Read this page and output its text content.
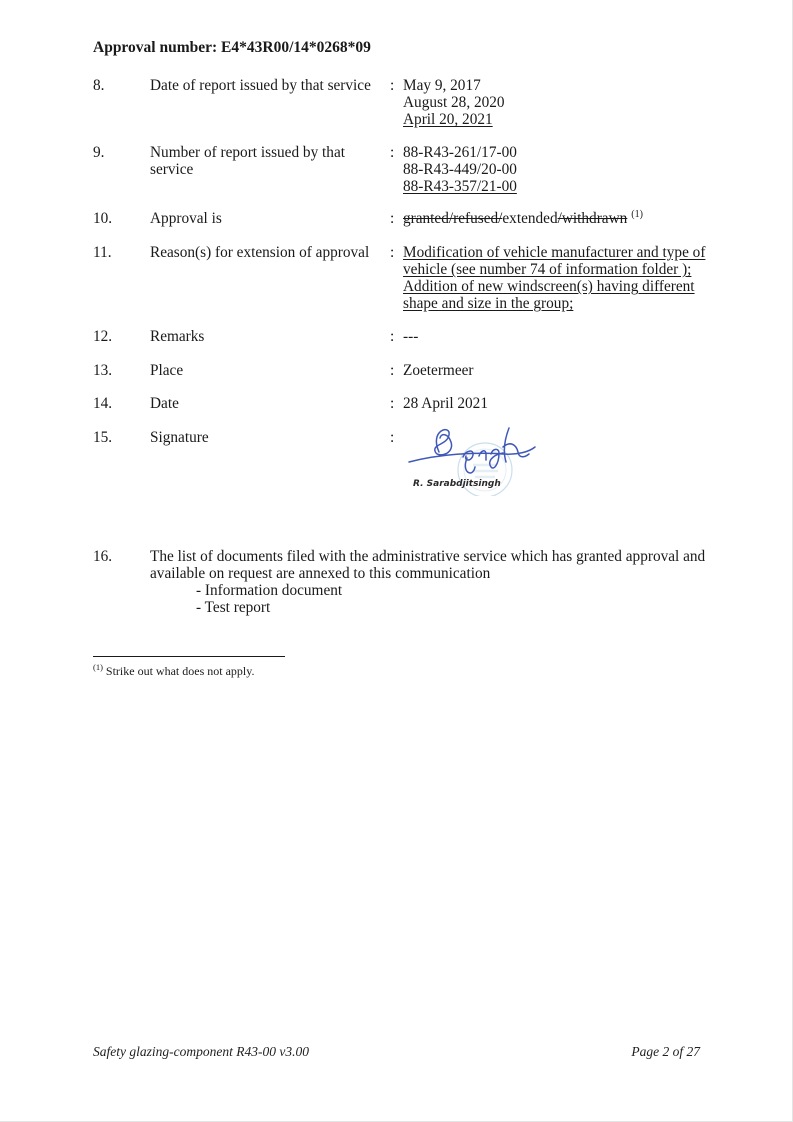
Approval number: E4*43R00/14*0268*09
8.	Date of report issued by that service	: May 9, 2017
August 28, 2020
April 20, 2021
9.	Number of report issued by that service
: 88-R43-261/17-00
88-R43-449/20-00
88-R43-357/21-00
10.	Approval is	: granted/refused/extended/withdrawn $^{(1)}$
11.	Reason(s) for extension of approval	: Modification of vehicle manufacturer and type of
vehicle (see number 74 of information folder );
Addition of new windscreen(s) having different
shape and size in the group;
12.	Remarks	: ---
13.	Place	: Zoetermeer
14.	Date	: 28 April 2021
15.	Signature	:
R. Sarabdjitsingh
16.	The list of documents filed with the administrative service which has granted approval and
available on request are annexed to this communication
- Information document
- Test report
$^{(1)}$ Strike out what does not apply.
Safety glazing-component R43-00 v3.00	Page 2 of 27
